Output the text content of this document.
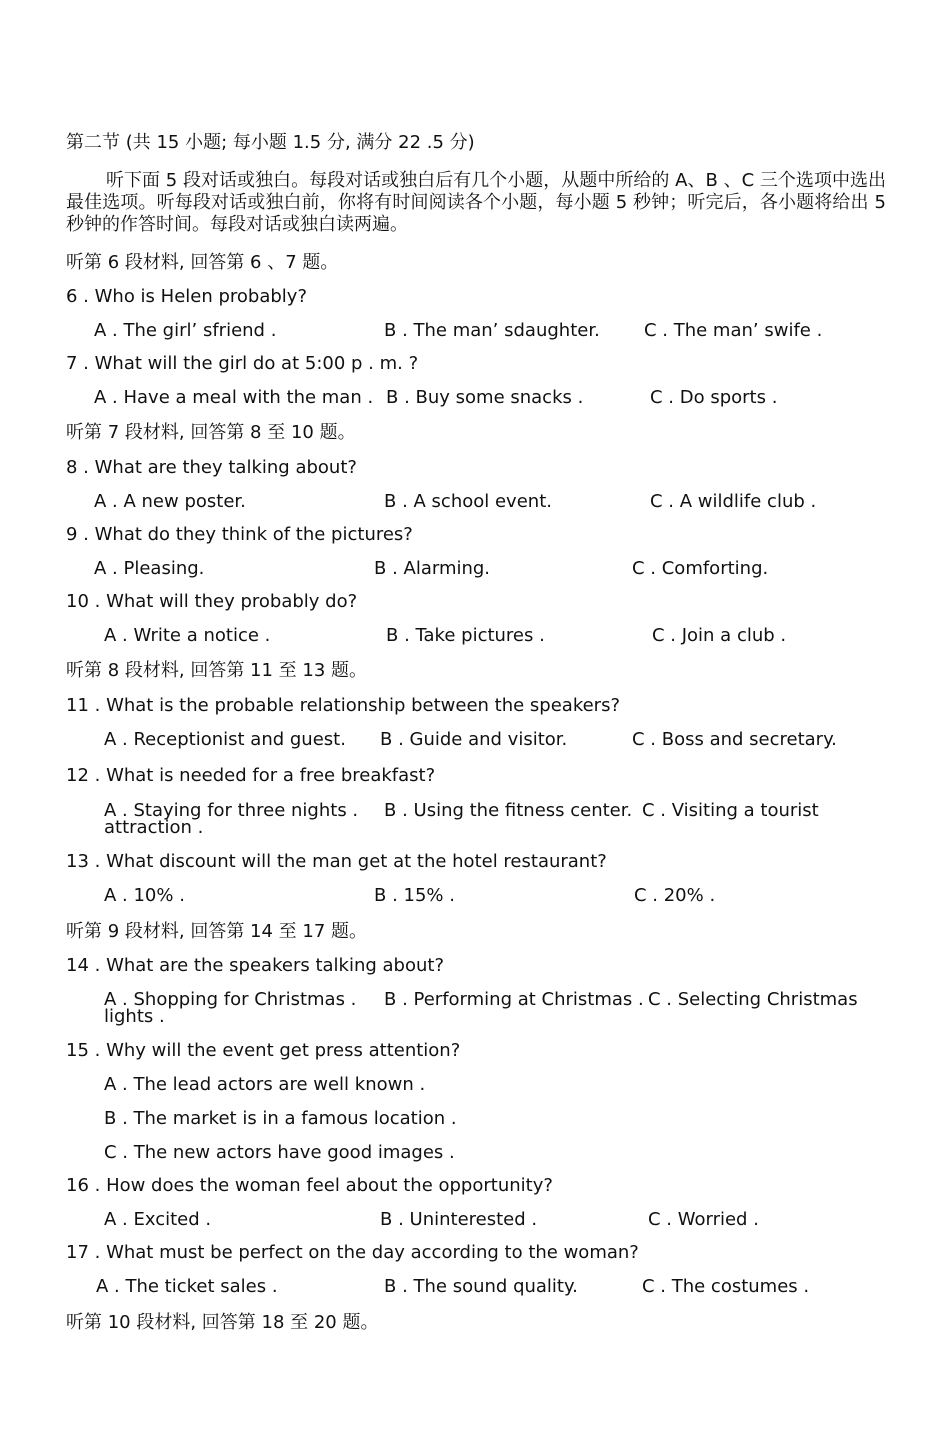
第二节 (共 15 小题; 每小题 1.5 分, 满分 22 .5 分)
听下面 5 段对话或独白。每段对话或独白后有几个小题，从题中所给的 A、B 、C 三个选项中选出最佳选项。听每段对话或独白前，你将有时间阅读各个小题，每小题 5 秒钟；听完后，各小题将给出 5 秒钟的作答时间。每段对话或独白读两遍。
听第 6 段材料, 回答第 6 、7 题。
6 . Who is Helen probably?
A . The girl’ sfriend .	B . The man’ sdaughter. C . The man’ swife .
7 . What will the girl do at 5:00 p . m. ?
A . Have a meal with the man . B . Buy some snacks .	C . Do sports .
听第 7 段材料, 回答第 8 至 10 题。
8 . What are they talking about?
A . A new poster.	B . A school event.	C . A wildlife club .
9 . What do they think of the pictures?
A . Pleasing.	B . Alarming.	C . Comforting.
10 . What will they probably do?
A . Write a notice .	B . Take pictures .	C . Join a club .
听第 8 段材料, 回答第 11 至 13 题。
11 . What is the probable relationship between the speakers?
A . Receptionist and guest. B . Guide and visitor.	C . Boss and secretary.
12 . What is needed for a free breakfast?
A . Staying for three nights . B . Using the fitness center. C . Visiting a tourist
attraction .
13 . What discount will the man get at the hotel restaurant?
A . 10% .	B . 15% .	C . 20% .
听第 9 段材料, 回答第 14 至 17 题。
14 . What are the speakers talking about?
A . Shopping for Christmas . B . Performing at Christmas . C . Selecting Christmas
lights .
15 . Why will the event get press attention?
A . The lead actors are well known .
B . The market is in a famous location .
C . The new actors have good images .
16 . How does the woman feel about the opportunity?
A . Excited .	B . Uninterested .	C . Worried .
17 . What must be perfect on the day according to the woman?
A . The ticket sales .	B . The sound quality.	C . The costumes .
听第 10 段材料, 回答第 18 至 20 题。
